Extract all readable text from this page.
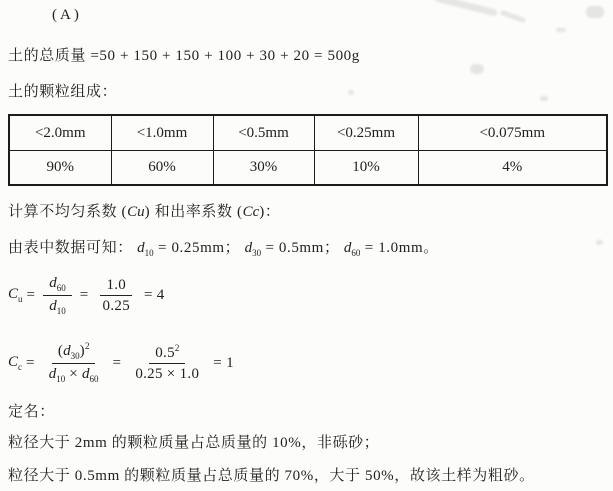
(A)
土的总质量 =50 + 150 + 150 + 100 + 30 + 20 = 500g
土的颗粒组成：
<2.0mm	<1.0mm	<0.5mm	<0.25mm	<0.075mm
90%	60%	30%	10%	4%
计算不均匀系数 (Cu) 和出率系数 (Cc)：
由表中数据可知： $d_{10} = 0.25mm$； $d_{30} = 0.5mm$； $d_{60} = 1.0mm$。
$C_u = \frac{d_{60}}{d_{10}} = \frac{1.0}{0.25} = 4$
$C_c = \frac{(d_{30})^2}{d_{10} \times d_{60}} = \frac{0.5^2}{0.25 \times 1.0} = 1$
定名：
粒径大于 2mm 的颗粒质量占总质量的 10%，非砾砂；
粒径大于 0.5mm 的颗粒质量占总质量的 70%，大于 50%，故该土样为粗砂。
